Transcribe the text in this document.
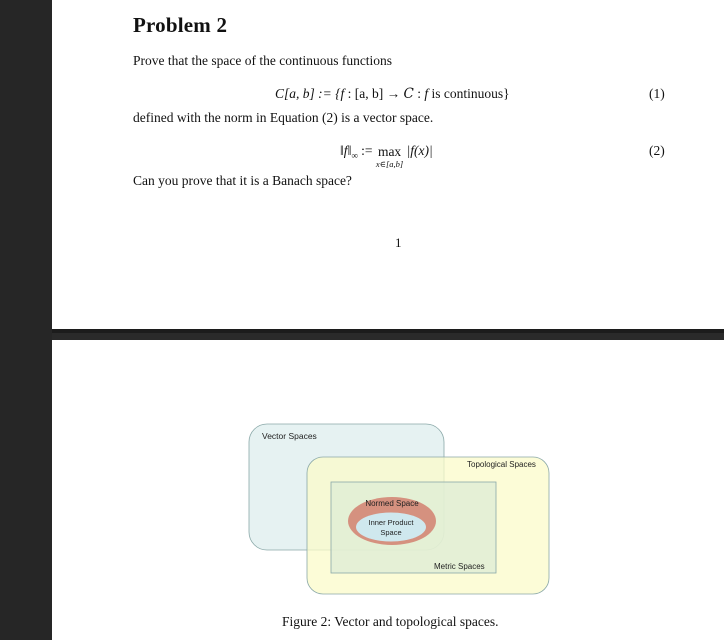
Problem 2
Prove that the space of the continuous functions
C[a, b] := {f : [a, b] → C : f is continuous}	(1)
defined with the norm in Equation (2) is a vector space.
$‖f‖_\infty$ := max
x∈[a,b]
|f(x)|	(2)
Can you prove that it is a Banach space?
1
Vector Spaces
Topological Spaces
Metric Spaces
Normed Space
Inner Product
Space
Figure 2: Vector and topological spaces.
